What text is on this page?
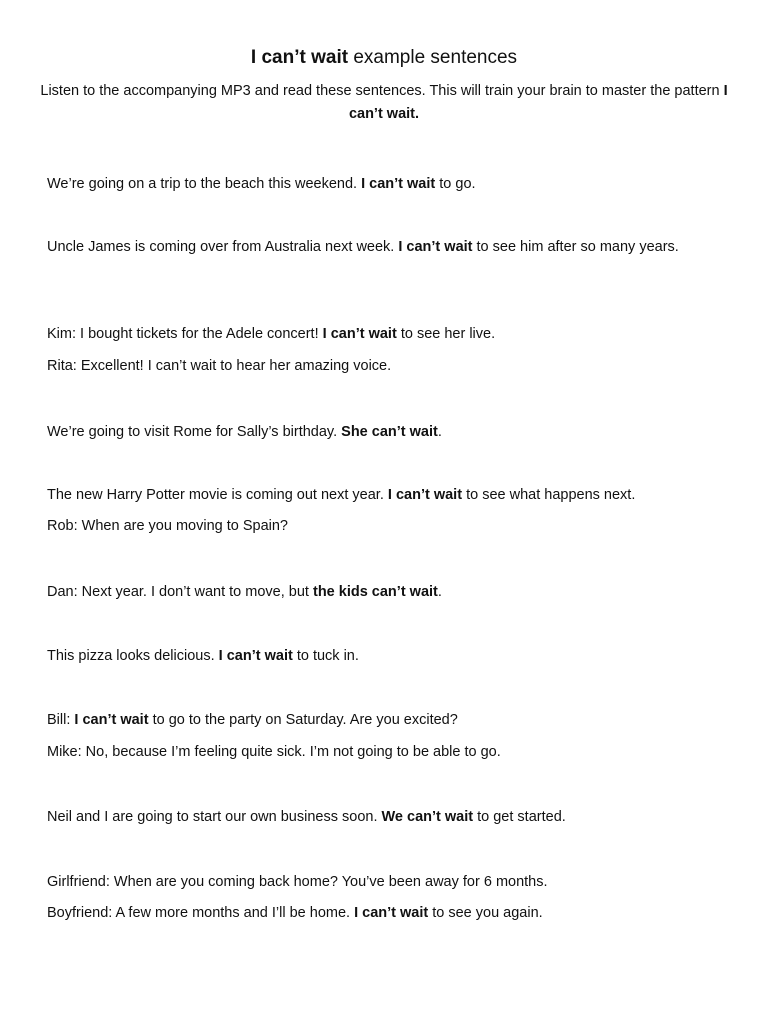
I can’t wait example sentences
Listen to the accompanying MP3 and read these sentences. This will train your brain to master the pattern I can’t wait.
We’re going on a trip to the beach this weekend. I can’t wait to go.
Uncle James is coming over from Australia next week. I can’t wait to see him after so many years.
Kim: I bought tickets for the Adele concert! I can’t wait to see her live.
Rita: Excellent! I can’t wait to hear her amazing voice.
We’re going to visit Rome for Sally’s birthday. She can’t wait.
The new Harry Potter movie is coming out next year. I can’t wait to see what happens next.
Rob: When are you moving to Spain?
Dan: Next year. I don’t want to move, but the kids can’t wait.
This pizza looks delicious. I can’t wait to tuck in.
Bill: I can’t wait to go to the party on Saturday. Are you excited?
Mike: No, because I’m feeling quite sick. I’m not going to be able to go.
Neil and I are going to start our own business soon. We can’t wait to get started.
Girlfriend: When are you coming back home? You’ve been away for 6 months.
Boyfriend: A few more months and I’ll be home. I can’t wait to see you again.
